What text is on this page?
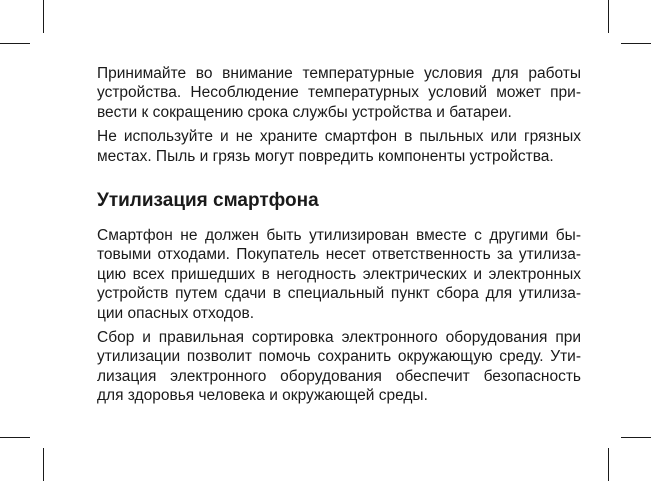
Принимайте во внимание температурные условия для работы
устройства. Несоблюдение температурных условий может при-
вести к сокращению срока службы устройства и батареи.

Не используйте и не храните смартфон в пыльных или грязных
местах. Пыль и грязь могут повредить компоненты устройства.

Утилизация смартфона

Смартфон не должен быть утилизирован вместе с другими бы-
товыми отходами. Покупатель несет ответственность за утилиза-
цию всех пришедших в негодность электрических и электронных
устройств путем сдачи в специальный пункт сбора для утилиза-
ции опасных отходов.

Сбор и правильная сортировка электронного оборудования при
утилизации позволит помочь сохранить окружающую среду. Ути-
лизация электронного оборудования обеспечит безопасность
для здоровья человека и окружающей среды.
